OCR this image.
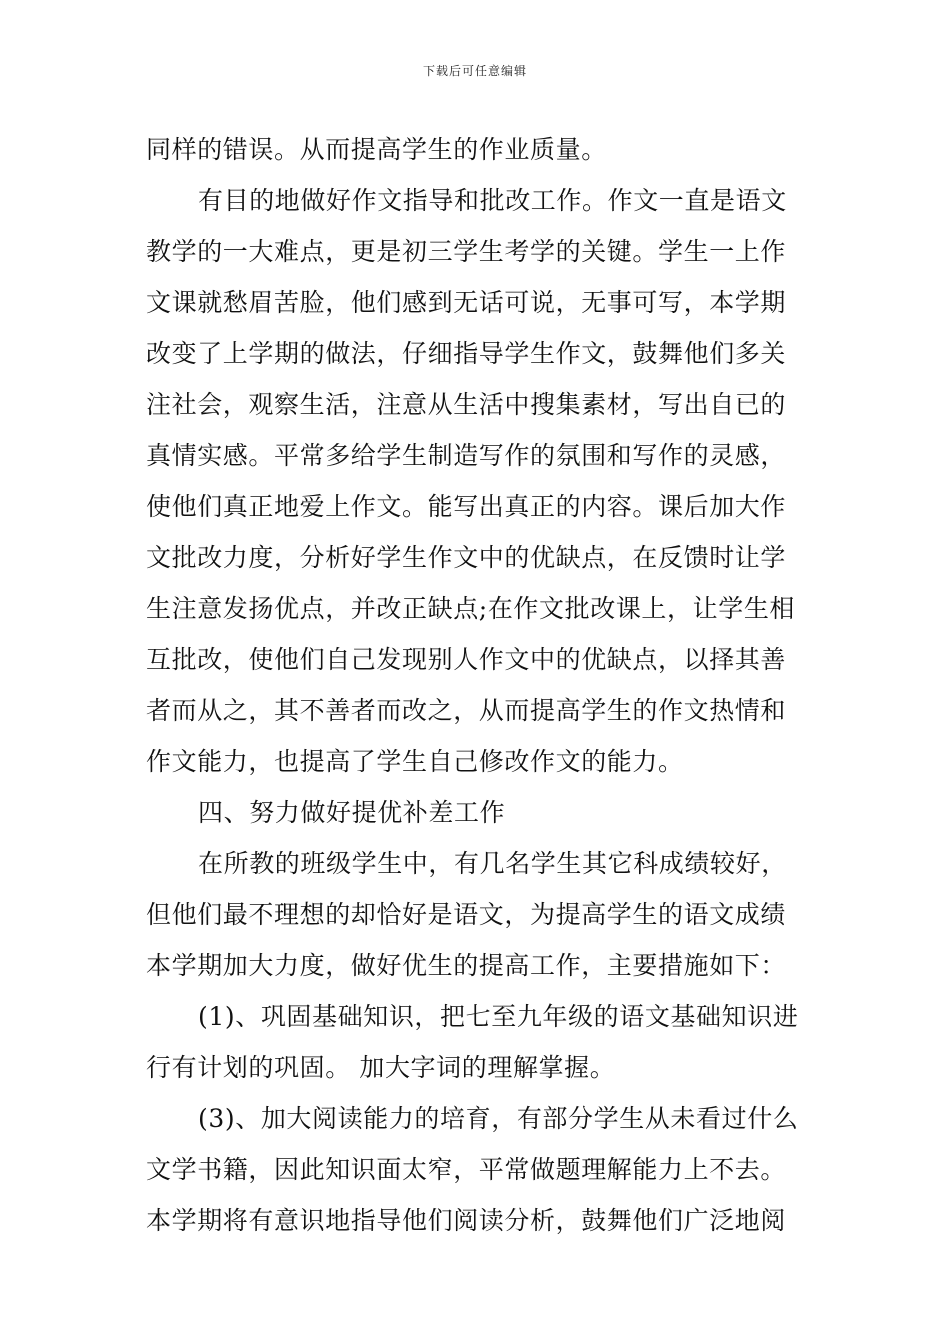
下载后可任意编辑
同样的错误。从而提高学生的作业质量。
有目的地做好作文指导和批改工作。作文一直是语文
教学的一大难点，更是初三学生考学的关键。学生一上作
文课就愁眉苦脸，他们感到无话可说，无事可写，本学期
改变了上学期的做法，仔细指导学生作文，鼓舞他们多关
注社会，观察生活，注意从生活中搜集素材，写出自已的
真情实感。平常多给学生制造写作的氛围和写作的灵感，
使他们真正地爱上作文。能写出真正的内容。课后加大作
文批改力度，分析好学生作文中的优缺点，在反馈时让学
生注意发扬优点，并改正缺点;在作文批改课上，让学生相
互批改，使他们自己发现别人作文中的优缺点，以择其善
者而从之，其不善者而改之，从而提高学生的作文热情和
作文能力，也提高了学生自己修改作文的能力。
四、努力做好提优补差工作
在所教的班级学生中，有几名学生其它科成绩较好，
但他们最不理想的却恰好是语文，为提高学生的语文成绩
本学期加大力度，做好优生的提高工作，主要措施如下：
(1)、巩固基础知识，把七至九年级的语文基础知识进
行有计划的巩固。 加大字词的理解掌握。
(3)、加大阅读能力的培育，有部分学生从未看过什么
文学书籍，因此知识面太窄，平常做题理解能力上不去。
本学期将有意识地指导他们阅读分析，鼓舞他们广泛地阅
